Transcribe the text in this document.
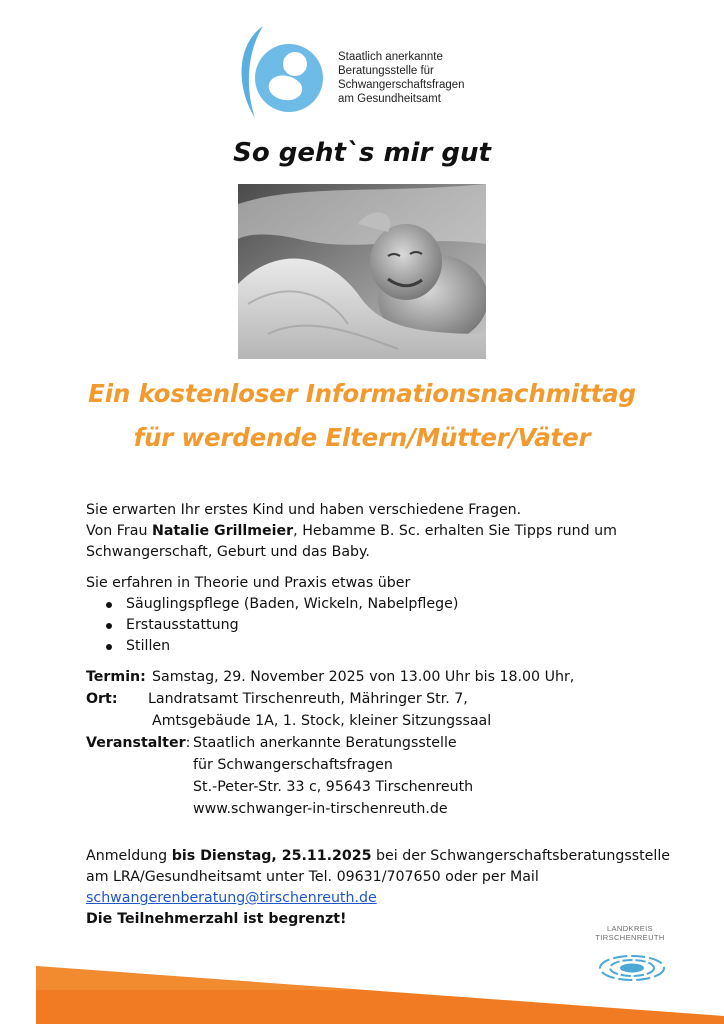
Staatlich anerkannte
Beratungsstelle für
Schwangerschaftsfragen
am Gesundheitsamt
So geht`s mir gut
Ein kostenloser Informationsnachmittag
für werdende Eltern/Mütter/Väter
Sie erwarten Ihr erstes Kind und haben verschiedene Fragen.
Von Frau Natalie Grillmeier, Hebamme B. Sc. erhalten Sie Tipps rund um
Schwangerschaft, Geburt und das Baby.
Sie erfahren in Theorie und Praxis etwas über
Säuglingspflege (Baden, Wickeln, Nabelpflege)
Erstausstattung
Stillen
Termin: Samstag, 29. November 2025 von 13.00 Uhr bis 18.00 Uhr,
Ort: Landratsamt Tirschenreuth, Mähringer Str. 7,
Amtsgebäude 1A, 1. Stock, kleiner Sitzungssaal
Veranstalter: Staatlich anerkannte Beratungsstelle
für Schwangerschaftsfragen
St.-Peter-Str. 33 c, 95643 Tirschenreuth
www.schwanger-in-tirschenreuth.de
Anmeldung bis Dienstag, 25.11.2025 bei der Schwangerschaftsberatungsstelle
am LRA/Gesundheitsamt unter Tel. 09631/707650 oder per Mail
schwangerenberatung@tirschenreuth.de
Die Teilnehmerzahl ist begrenzt!
LANDKREIS
TIRSCHENREUTH
